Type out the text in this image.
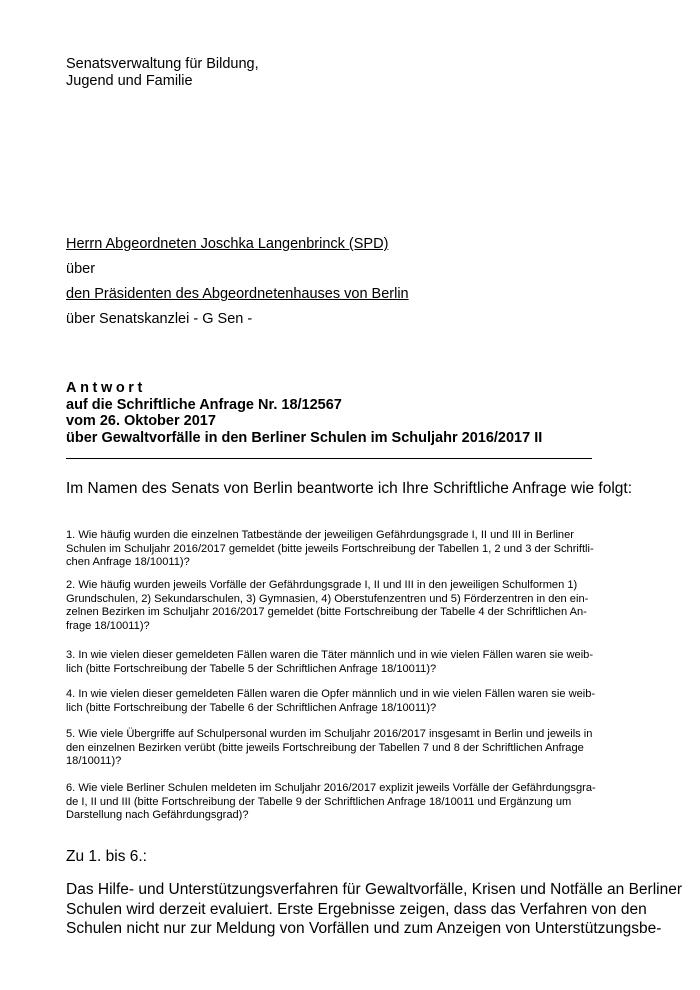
Senatsverwaltung für Bildung,
Jugend und Familie

Herrn Abgeordneten Joschka Langenbrinck (SPD)

über

den Präsidenten des Abgeordnetenhauses von Berlin

über Senatskanzlei - G Sen -

Antwort
auf die Schriftliche Anfrage Nr. 18/12567
vom 26. Oktober 2017
über Gewaltvorfälle in den Berliner Schulen im Schuljahr 2016/2017 II

Im Namen des Senats von Berlin beantworte ich Ihre Schriftliche Anfrage wie folgt:

1. Wie häufig wurden die einzelnen Tatbestände der jeweiligen Gefährdungsgrade I, II und III in Berliner
Schulen im Schuljahr 2016/2017 gemeldet (bitte jeweils Fortschreibung der Tabellen 1, 2 und 3 der Schriftli-
chen Anfrage 18/10011)?
2. Wie häufig wurden jeweils Vorfälle der Gefährdungsgrade I, II und III in den jeweiligen Schulformen 1)
Grundschulen, 2) Sekundarschulen, 3) Gymnasien, 4) Oberstufenzentren und 5) Förderzentren in den ein-
zelnen Bezirken im Schuljahr 2016/2017 gemeldet (bitte Fortschreibung der Tabelle 4 der Schriftlichen An-
frage 18/10011)?
3. In wie vielen dieser gemeldeten Fällen waren die Täter männlich und in wie vielen Fällen waren sie weib-
lich (bitte Fortschreibung der Tabelle 5 der Schriftlichen Anfrage 18/10011)?
4. In wie vielen dieser gemeldeten Fällen waren die Opfer männlich und in wie vielen Fällen waren sie weib-
lich (bitte Fortschreibung der Tabelle 6 der Schriftlichen Anfrage 18/10011)?
5. Wie viele Übergriffe auf Schulpersonal wurden im Schuljahr 2016/2017 insgesamt in Berlin und jeweils in
den einzelnen Bezirken verübt (bitte jeweils Fortschreibung der Tabellen 7 und 8 der Schriftlichen Anfrage
18/10011)?
6. Wie viele Berliner Schulen meldeten im Schuljahr 2016/2017 explizit jeweils Vorfälle der Gefährdungsgra-
de I, II und III (bitte Fortschreibung der Tabelle 9 der Schriftlichen Anfrage 18/10011 und Ergänzung um
Darstellung nach Gefährdungsgrad)?

Zu 1. bis 6.:

Das Hilfe- und Unterstützungsverfahren für Gewaltvorfälle, Krisen und Notfälle an Berliner
Schulen wird derzeit evaluiert. Erste Ergebnisse zeigen, dass das Verfahren von den
Schulen nicht nur zur Meldung von Vorfällen und zum Anzeigen von Unterstützungsbe-
